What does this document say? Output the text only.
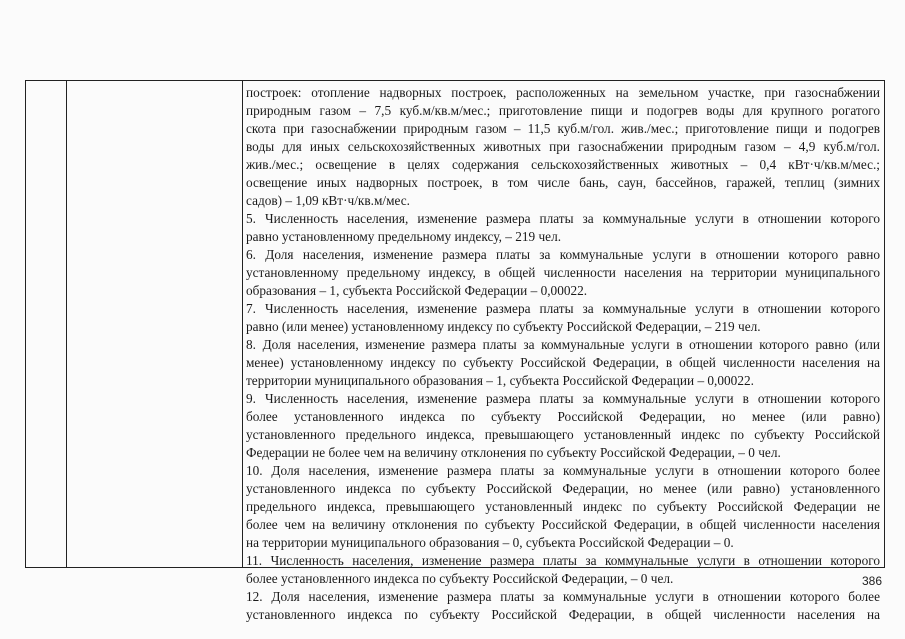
построек: отопление надворных построек, расположенных на земельном участке, при газоснабжении
природным газом – 7,5 куб.м/кв.м/мес.; приготовление пищи и подогрев воды для крупного рогатого
скота при газоснабжении природным газом – 11,5 куб.м/гол. жив./мес.; приготовление пищи и подогрев
воды для иных сельскохозяйственных животных при газоснабжении природным газом – 4,9 куб.м/гол.
жив./мес.; освещение в целях содержания сельскохозяйственных животных – 0,4 кВт·ч/кв.м/мес.;
освещение иных надворных построек, в том числе бань, саун, бассейнов, гаражей, теплиц (зимних
садов) – 1,09 кВт·ч/кв.м/мес.
5. Численность населения, изменение размера платы за коммунальные услуги в отношении которого
равно установленному предельному индексу, – 219 чел.
6. Доля населения, изменение размера платы за коммунальные услуги в отношении которого равно
установленному предельному индексу, в общей численности населения на территории муниципального
образования – 1, субъекта Российской Федерации – 0,00022.
7. Численность населения, изменение размера платы за коммунальные услуги в отношении которого
равно (или менее) установленному индексу по субъекту Российской Федерации, – 219 чел.
8. Доля населения, изменение размера платы за коммунальные услуги в отношении которого равно (или
менее) установленному индексу по субъекту Российской Федерации, в общей численности населения на
территории муниципального образования – 1, субъекта Российской Федерации – 0,00022.
9. Численность населения, изменение размера платы за коммунальные услуги в отношении которого
более установленного индекса по субъекту Российской Федерации, но менее (или равно)
установленного предельного индекса, превышающего установленный индекс по субъекту Российской
Федерации не более чем на величину отклонения по субъекту Российской Федерации, – 0 чел.
10. Доля населения, изменение размера платы за коммунальные услуги в отношении которого более
установленного индекса по субъекту Российской Федерации, но менее (или равно) установленного
предельного индекса, превышающего установленный индекс по субъекту Российской Федерации не
более чем на величину отклонения по субъекту Российской Федерации, в общей численности населения
на территории муниципального образования – 0, субъекта Российской Федерации – 0.
11. Численность населения, изменение размера платы за коммунальные услуги в отношении которого
более установленного индекса по субъекту Российской Федерации, – 0 чел.
12. Доля населения, изменение размера платы за коммунальные услуги в отношении которого более
установленного индекса по субъекту Российской Федерации, в общей численности населения на
386
